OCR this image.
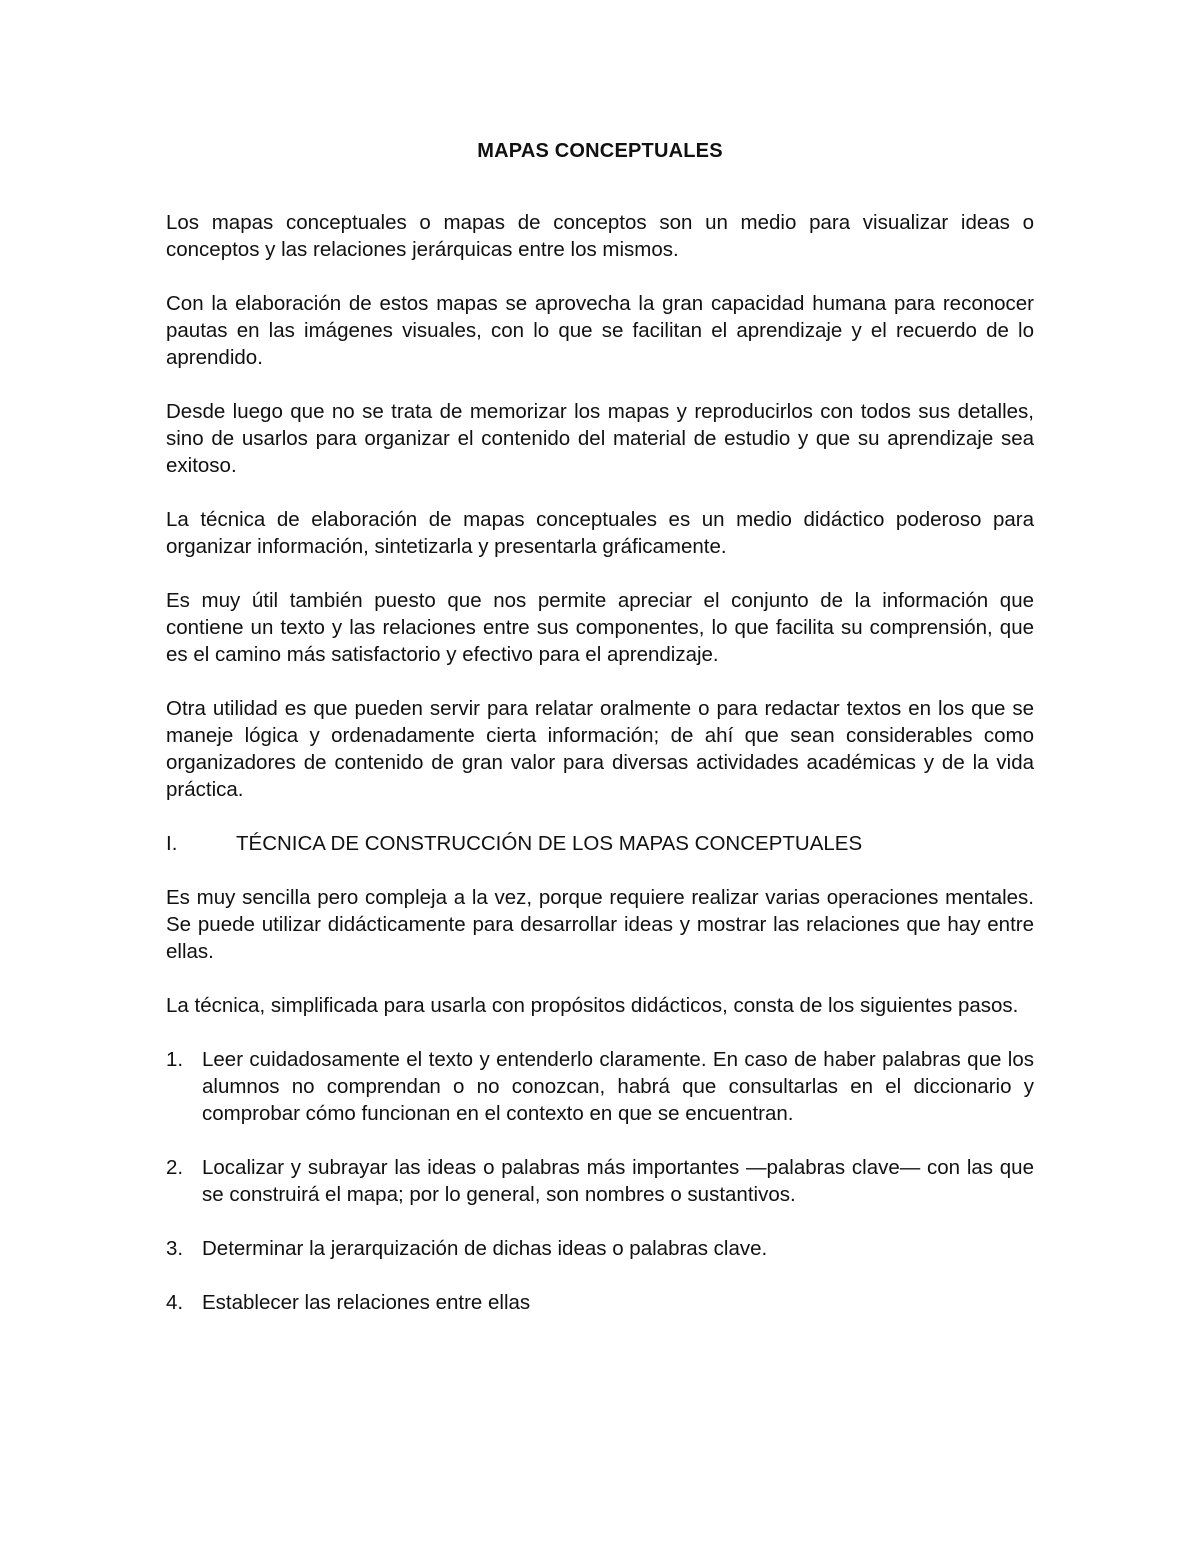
MAPAS CONCEPTUALES

Los mapas conceptuales o mapas de conceptos son un medio para visualizar ideas o conceptos y las relaciones jerárquicas entre los mismos.

Con la elaboración de estos mapas se aprovecha la gran capacidad humana para reconocer pautas en las imágenes visuales, con lo que se facilitan el aprendizaje y el recuerdo de lo aprendido.

Desde luego que no se trata de memorizar los mapas y reproducirlos con todos sus detalles, sino de usarlos para organizar el contenido del material de estudio y que su aprendizaje sea exitoso.

La técnica de elaboración de mapas conceptuales es un medio didáctico poderoso para organizar información, sintetizarla y presentarla gráficamente.

Es muy útil también puesto que nos permite apreciar el conjunto de la información que contiene un texto y las relaciones entre sus componentes, lo que facilita su comprensión, que es el camino más satisfactorio y efectivo para el aprendizaje.

Otra utilidad es que pueden servir para relatar oralmente o para redactar textos en los que se maneje lógica y ordenadamente cierta información; de ahí que sean considerables como organizadores de contenido de gran valor para diversas actividades académicas y de la vida práctica.

I.	TÉCNICA DE CONSTRUCCIÓN DE LOS MAPAS CONCEPTUALES

Es muy sencilla pero compleja a la vez, porque requiere realizar varias operaciones mentales. Se puede utilizar didácticamente para desarrollar ideas y mostrar las relaciones que hay entre ellas.

La técnica, simplificada para usarla con propósitos didácticos, consta de los siguientes pasos.

1. Leer cuidadosamente el texto y entenderlo claramente. En caso de haber palabras que los alumnos no comprendan o no conozcan, habrá que consultarlas en el diccionario y comprobar cómo funcionan en el contexto en que se encuentran.
2. Localizar y subrayar las ideas o palabras más importantes —palabras clave— con las que se construirá el mapa; por lo general, son nombres o sustantivos.
3. Determinar la jerarquización de dichas ideas o palabras clave.
4. Establecer las relaciones entre ellas
